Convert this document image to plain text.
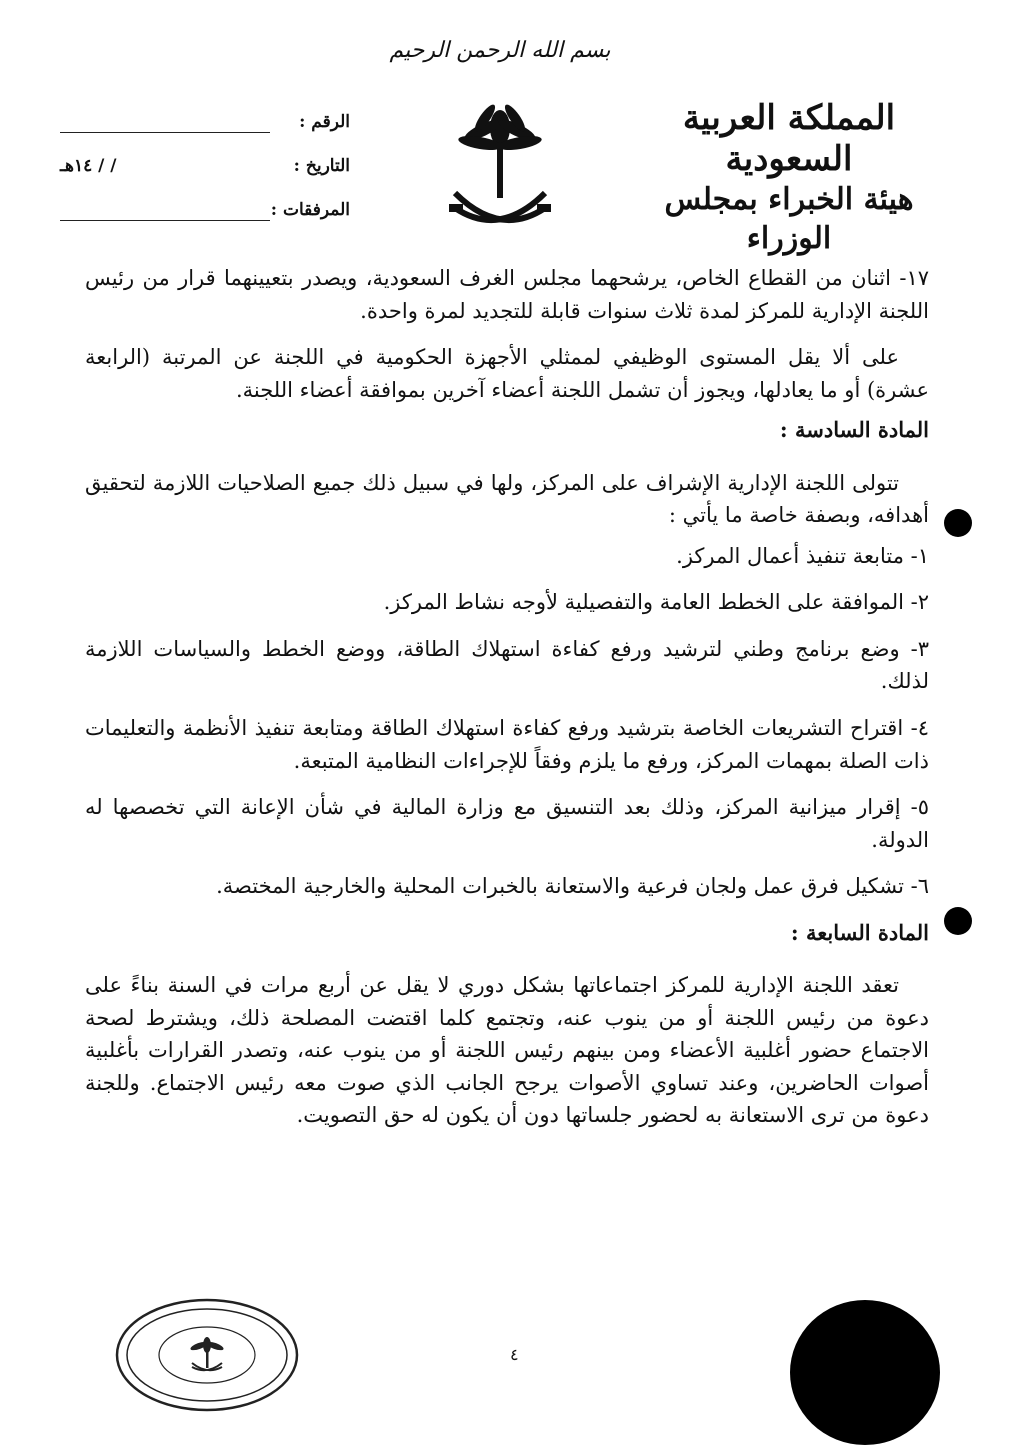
بسم الله الرحمن الرحيم
المملكة العربية السعودية
هيئة الخبراء بمجلس الوزراء
الرقم :
التاريخ :
/ / ١٤هـ
المرفقات :

١٧- اثنان من القطاع الخاص، يرشحهما مجلس الغرف السعودية، ويصدر بتعيينهما قرار من رئيس اللجنة الإدارية للمركز لمدة ثلاث سنوات قابلة للتجديد لمرة واحدة.

على ألا يقل المستوى الوظيفي لممثلي الأجهزة الحكومية في اللجنة عن المرتبة (الرابعة عشرة) أو ما يعادلها، ويجوز أن تشمل اللجنة أعضاء آخرين بموافقة أعضاء اللجنة.

المادة السادسة :

تتولى اللجنة الإدارية الإشراف على المركز، ولها في سبيل ذلك جميع الصلاحيات اللازمة لتحقيق أهدافه، وبصفة خاصة ما يأتي :

١- متابعة تنفيذ أعمال المركز.

٢- الموافقة على الخطط العامة والتفصيلية لأوجه نشاط المركز.

٣- وضع برنامج وطني لترشيد ورفع كفاءة استهلاك الطاقة، ووضع الخطط والسياسات اللازمة لذلك.

٤- اقتراح التشريعات الخاصة بترشيد ورفع كفاءة استهلاك الطاقة ومتابعة تنفيذ الأنظمة والتعليمات ذات الصلة بمهمات المركز، ورفع ما يلزم وفقاً للإجراءات النظامية المتبعة.

٥- إقرار ميزانية المركز، وذلك بعد التنسيق مع وزارة المالية في شأن الإعانة التي تخصصها له الدولة.

٦- تشكيل فرق عمل ولجان فرعية والاستعانة بالخبرات المحلية والخارجية المختصة.

المادة السابعة :

تعقد اللجنة الإدارية للمركز اجتماعاتها بشكل دوري لا يقل عن أربع مرات في السنة بناءً على دعوة من رئيس اللجنة أو من ينوب عنه، وتجتمع كلما اقتضت المصلحة ذلك، ويشترط لصحة الاجتماع حضور أغلبية الأعضاء ومن بينهم رئيس اللجنة أو من ينوب عنه، وتصدر القرارات بأغلبية أصوات الحاضرين، وعند تساوي الأصوات يرجح الجانب الذي صوت معه رئيس الاجتماع. وللجنة دعوة من ترى الاستعانة به لحضور جلساتها دون أن يكون له حق التصويت.

٤
